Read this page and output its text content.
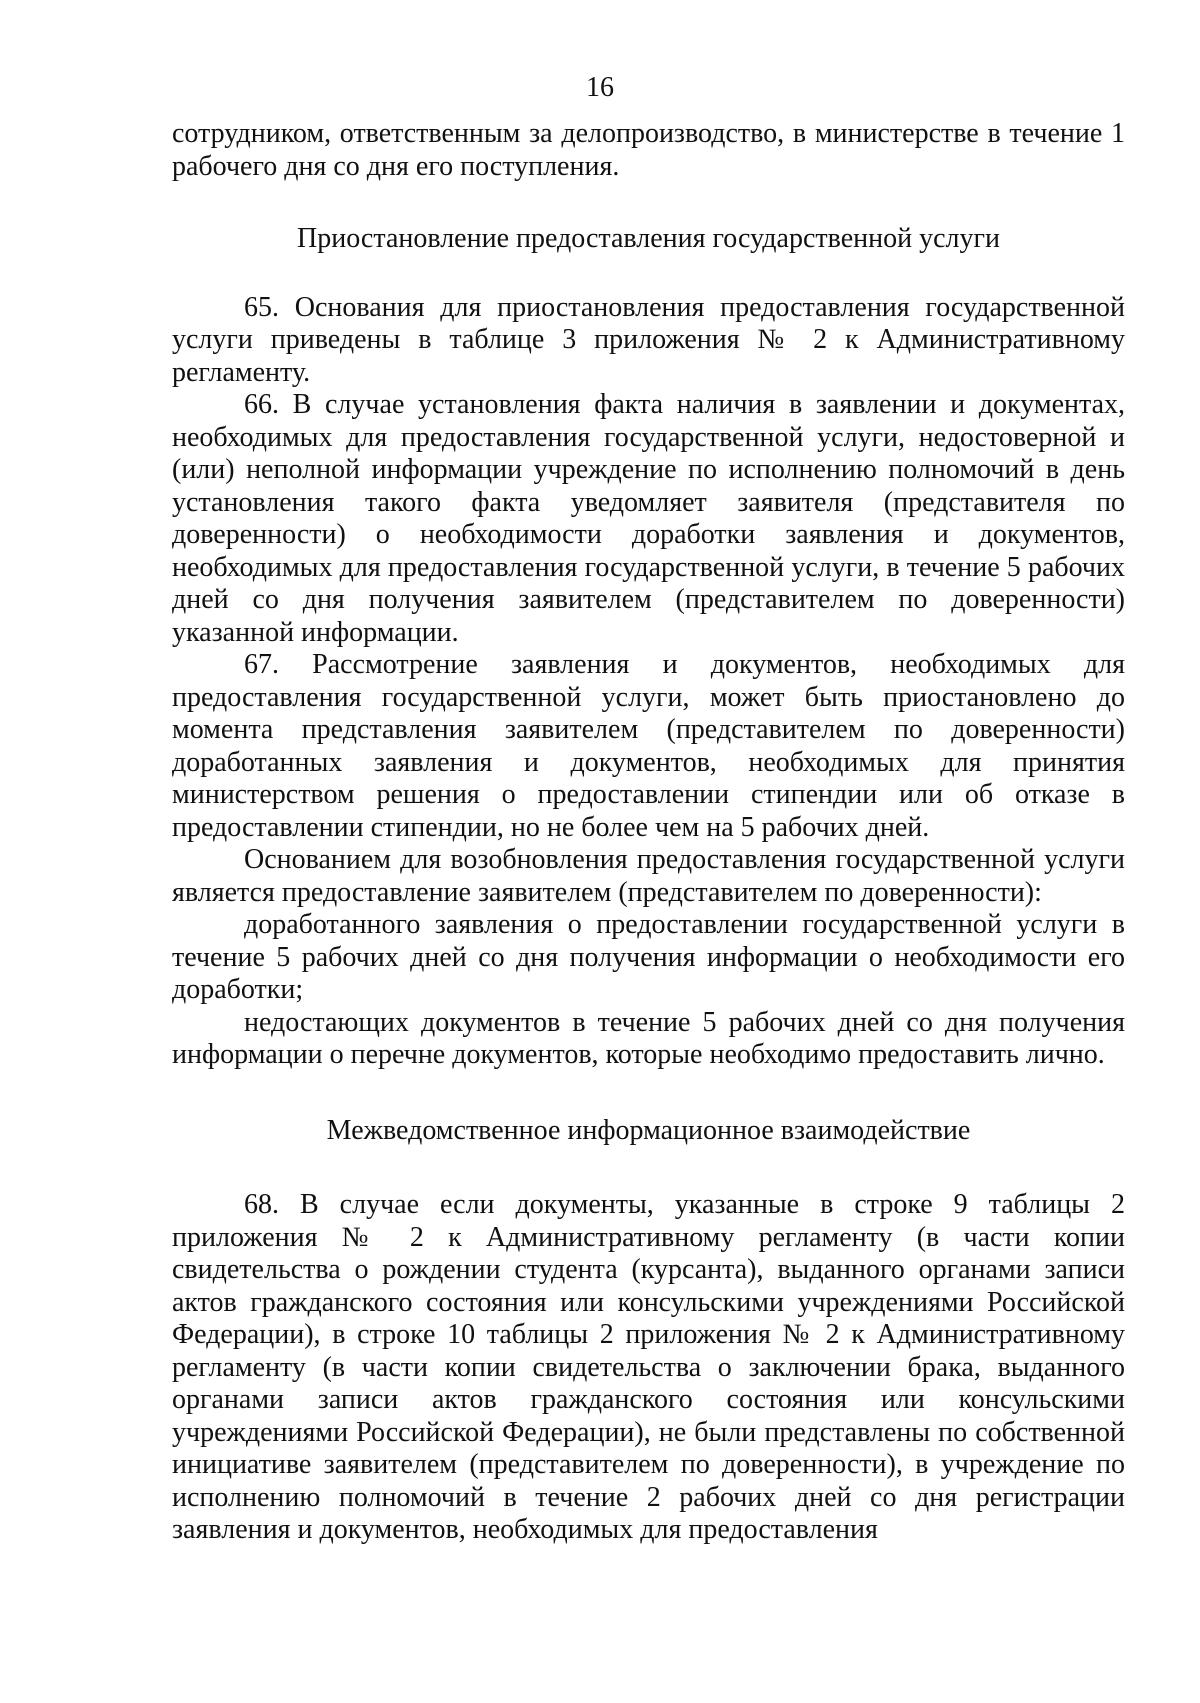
16

сотрудником, ответственным за делопроизводство, в министерстве в течение 1 рабочего дня со дня его поступления.

Приостановление предоставления государственной услуги

65. Основания для приостановления предоставления государственной услуги приведены в таблице 3 приложения № 2 к Административному регламенту.

66. В случае установления факта наличия в заявлении и документах, необходимых для предоставления государственной услуги, недостоверной и (или) неполной информации учреждение по исполнению полномочий в день установления такого факта уведомляет заявителя (представителя по доверенности) о необходимости доработки заявления и документов, необходимых для предоставления государственной услуги, в течение 5 рабочих дней со дня получения заявителем (представителем по доверенности) указанной информации.

67. Рассмотрение заявления и документов, необходимых для предоставления государственной услуги, может быть приостановлено до момента представления заявителем (представителем по доверенности) доработанных заявления и документов, необходимых для принятия министерством решения о предоставлении стипендии или об отказе в предоставлении стипендии, но не более чем на 5 рабочих дней.

Основанием для возобновления предоставления государственной услуги является предоставление заявителем (представителем по доверенности):

доработанного заявления о предоставлении государственной услуги в течение 5 рабочих дней со дня получения информации о необходимости его доработки;

недостающих документов в течение 5 рабочих дней со дня получения информации о перечне документов, которые необходимо предоставить лично.

Межведомственное информационное взаимодействие

68. В случае если документы, указанные в строке 9 таблицы 2 приложения № 2 к Административному регламенту (в части копии свидетельства о рождении студента (курсанта), выданного органами записи актов гражданского состояния или консульскими учреждениями Российской Федерации), в строке 10 таблицы 2 приложения № 2 к Административному регламенту (в части копии свидетельства о заключении брака, выданного органами записи актов гражданского состояния или консульскими учреждениями Российской Федерации), не были представлены по собственной инициативе заявителем (представителем по доверенности), в учреждение по исполнению полномочий в течение 2 рабочих дней со дня регистрации заявления и документов, необходимых для предоставления
